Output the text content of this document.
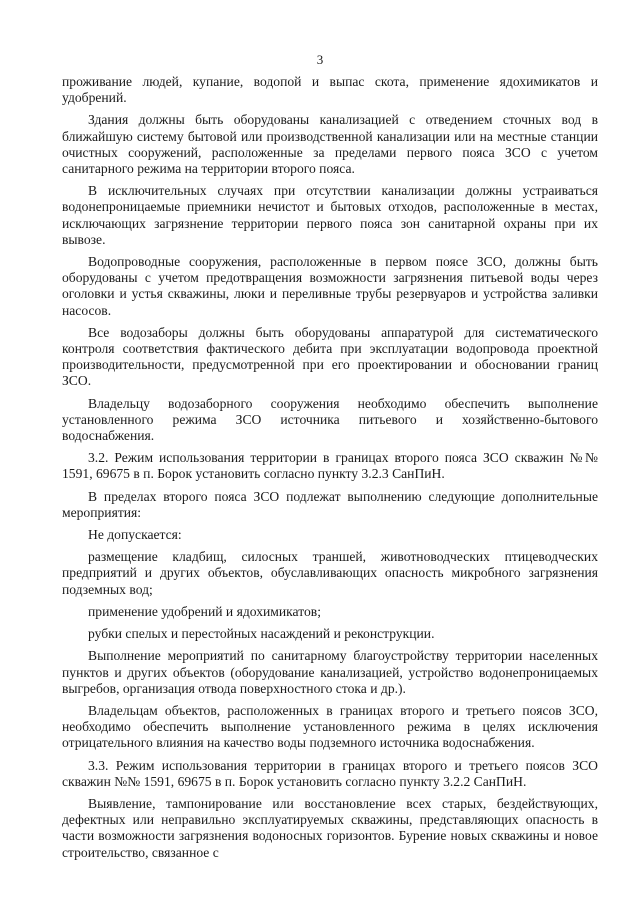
3

проживание людей, купание, водопой и выпас скота, применение ядохимикатов и удобрений.

Здания должны быть оборудованы канализацией с отведением сточных вод в ближайшую систему бытовой или производственной канализации или на местные станции очистных сооружений, расположенные за пределами первого пояса ЗСО с учетом санитарного режима на территории второго пояса.

В исключительных случаях при отсутствии канализации должны устраиваться водонепроницаемые приемники нечистот и бытовых отходов, расположенные в местах, исключающих загрязнение территории первого пояса зон санитарной охраны при их вывозе.

Водопроводные сооружения, расположенные в первом поясе ЗСО, должны быть оборудованы с учетом предотвращения возможности загрязнения питьевой воды через оголовки и устья скважины, люки и переливные трубы резервуаров и устройства заливки насосов.

Все водозаборы должны быть оборудованы аппаратурой для систематического контроля соответствия фактического дебита при эксплуатации водопровода проектной производительности, предусмотренной при его проектировании и обосновании границ ЗСО.

Владельцу водозаборного сооружения необходимо обеспечить выполнение установленного режима ЗСО источника питьевого и хозяйственно-бытового водоснабжения.

3.2. Режим использования территории в границах второго пояса ЗСО скважин №№ 1591, 69675 в п. Борок установить согласно пункту 3.2.3 СанПиН.

В пределах второго пояса ЗСО подлежат выполнению следующие дополнительные мероприятия:

Не допускается:

размещение кладбищ, силосных траншей, животноводческих птицеводческих предприятий и других объектов, обуславливающих опасность микробного загрязнения подземных вод;

применение удобрений и ядохимикатов;

рубки спелых и перестойных насаждений и реконструкции.

Выполнение мероприятий по санитарному благоустройству территории населенных пунктов и других объектов (оборудование канализацией, устройство водонепроницаемых выгребов, организация отвода поверхностного стока и др.).

Владельцам объектов, расположенных в границах второго и третьего поясов ЗСО, необходимо обеспечить выполнение установленного режима в целях исключения отрицательного влияния на качество воды подземного источника водоснабжения.

3.3. Режим использования территории в границах второго и третьего поясов ЗСО скважин №№ 1591, 69675 в п. Борок установить согласно пункту 3.2.2 СанПиН.

Выявление, тампонирование или восстановление всех старых, бездействующих, дефектных или неправильно эксплуатируемых скважины, представляющих опасность в части возможности загрязнения водоносных горизонтов. Бурение новых скважины и новое строительство, связанное с
